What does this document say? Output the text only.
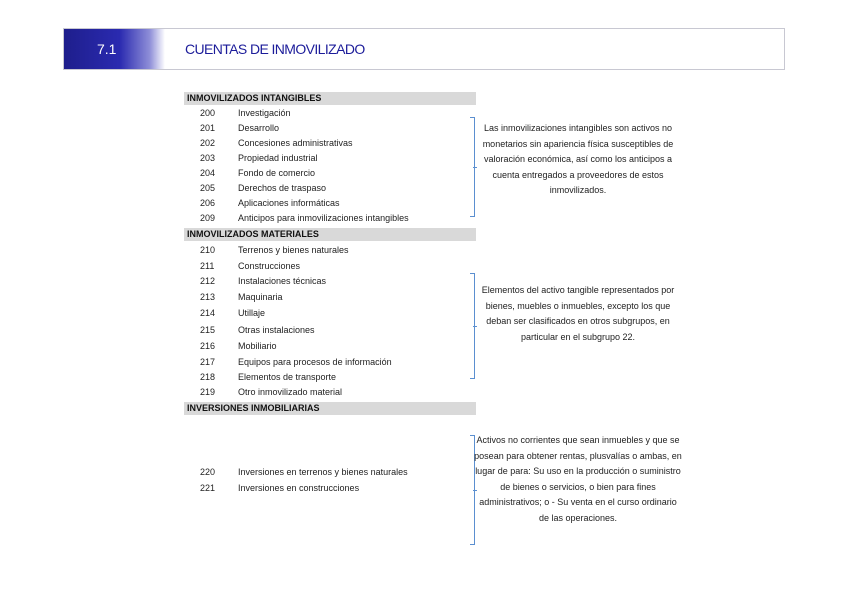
7.1	CUENTAS DE INMOVILIZADO
INMOVILIZADOS INTANGIBLES
200	Investigación
201	Desarrollo
202	Concesiones administrativas
203	Propiedad industrial
204	Fondo de comercio
205	Derechos de traspaso
206	Aplicaciones informáticas
209	Anticipos para inmovilizaciones intangibles
Las inmovilizaciones intangibles son activos no monetarios sin apariencia física susceptibles de valoración económica, así como los anticipos a cuenta entregados a proveedores de estos inmovilizados.
INMOVILIZADOS MATERIALES
210	Terrenos y bienes naturales
211	Construcciones
212	Instalaciones técnicas
213	Maquinaria
214	Utillaje
215	Otras instalaciones
216	Mobiliario
217	Equipos para procesos de información
218	Elementos de transporte
219	Otro inmovilizado material
Elementos del activo tangible representados por bienes, muebles o inmuebles, excepto los que deban ser clasificados en otros subgrupos, en particular en el subgrupo 22.
INVERSIONES INMOBILIARIAS
220	Inversiones en terrenos y bienes naturales
221	Inversiones en construcciones
Activos no corrientes que sean inmuebles y que se posean para obtener rentas, plusvalías o ambas, en lugar de para: Su uso en la producción o suministro de bienes o servicios, o bien para fines administrativos; o - Su venta en el curso ordinario de las operaciones.
